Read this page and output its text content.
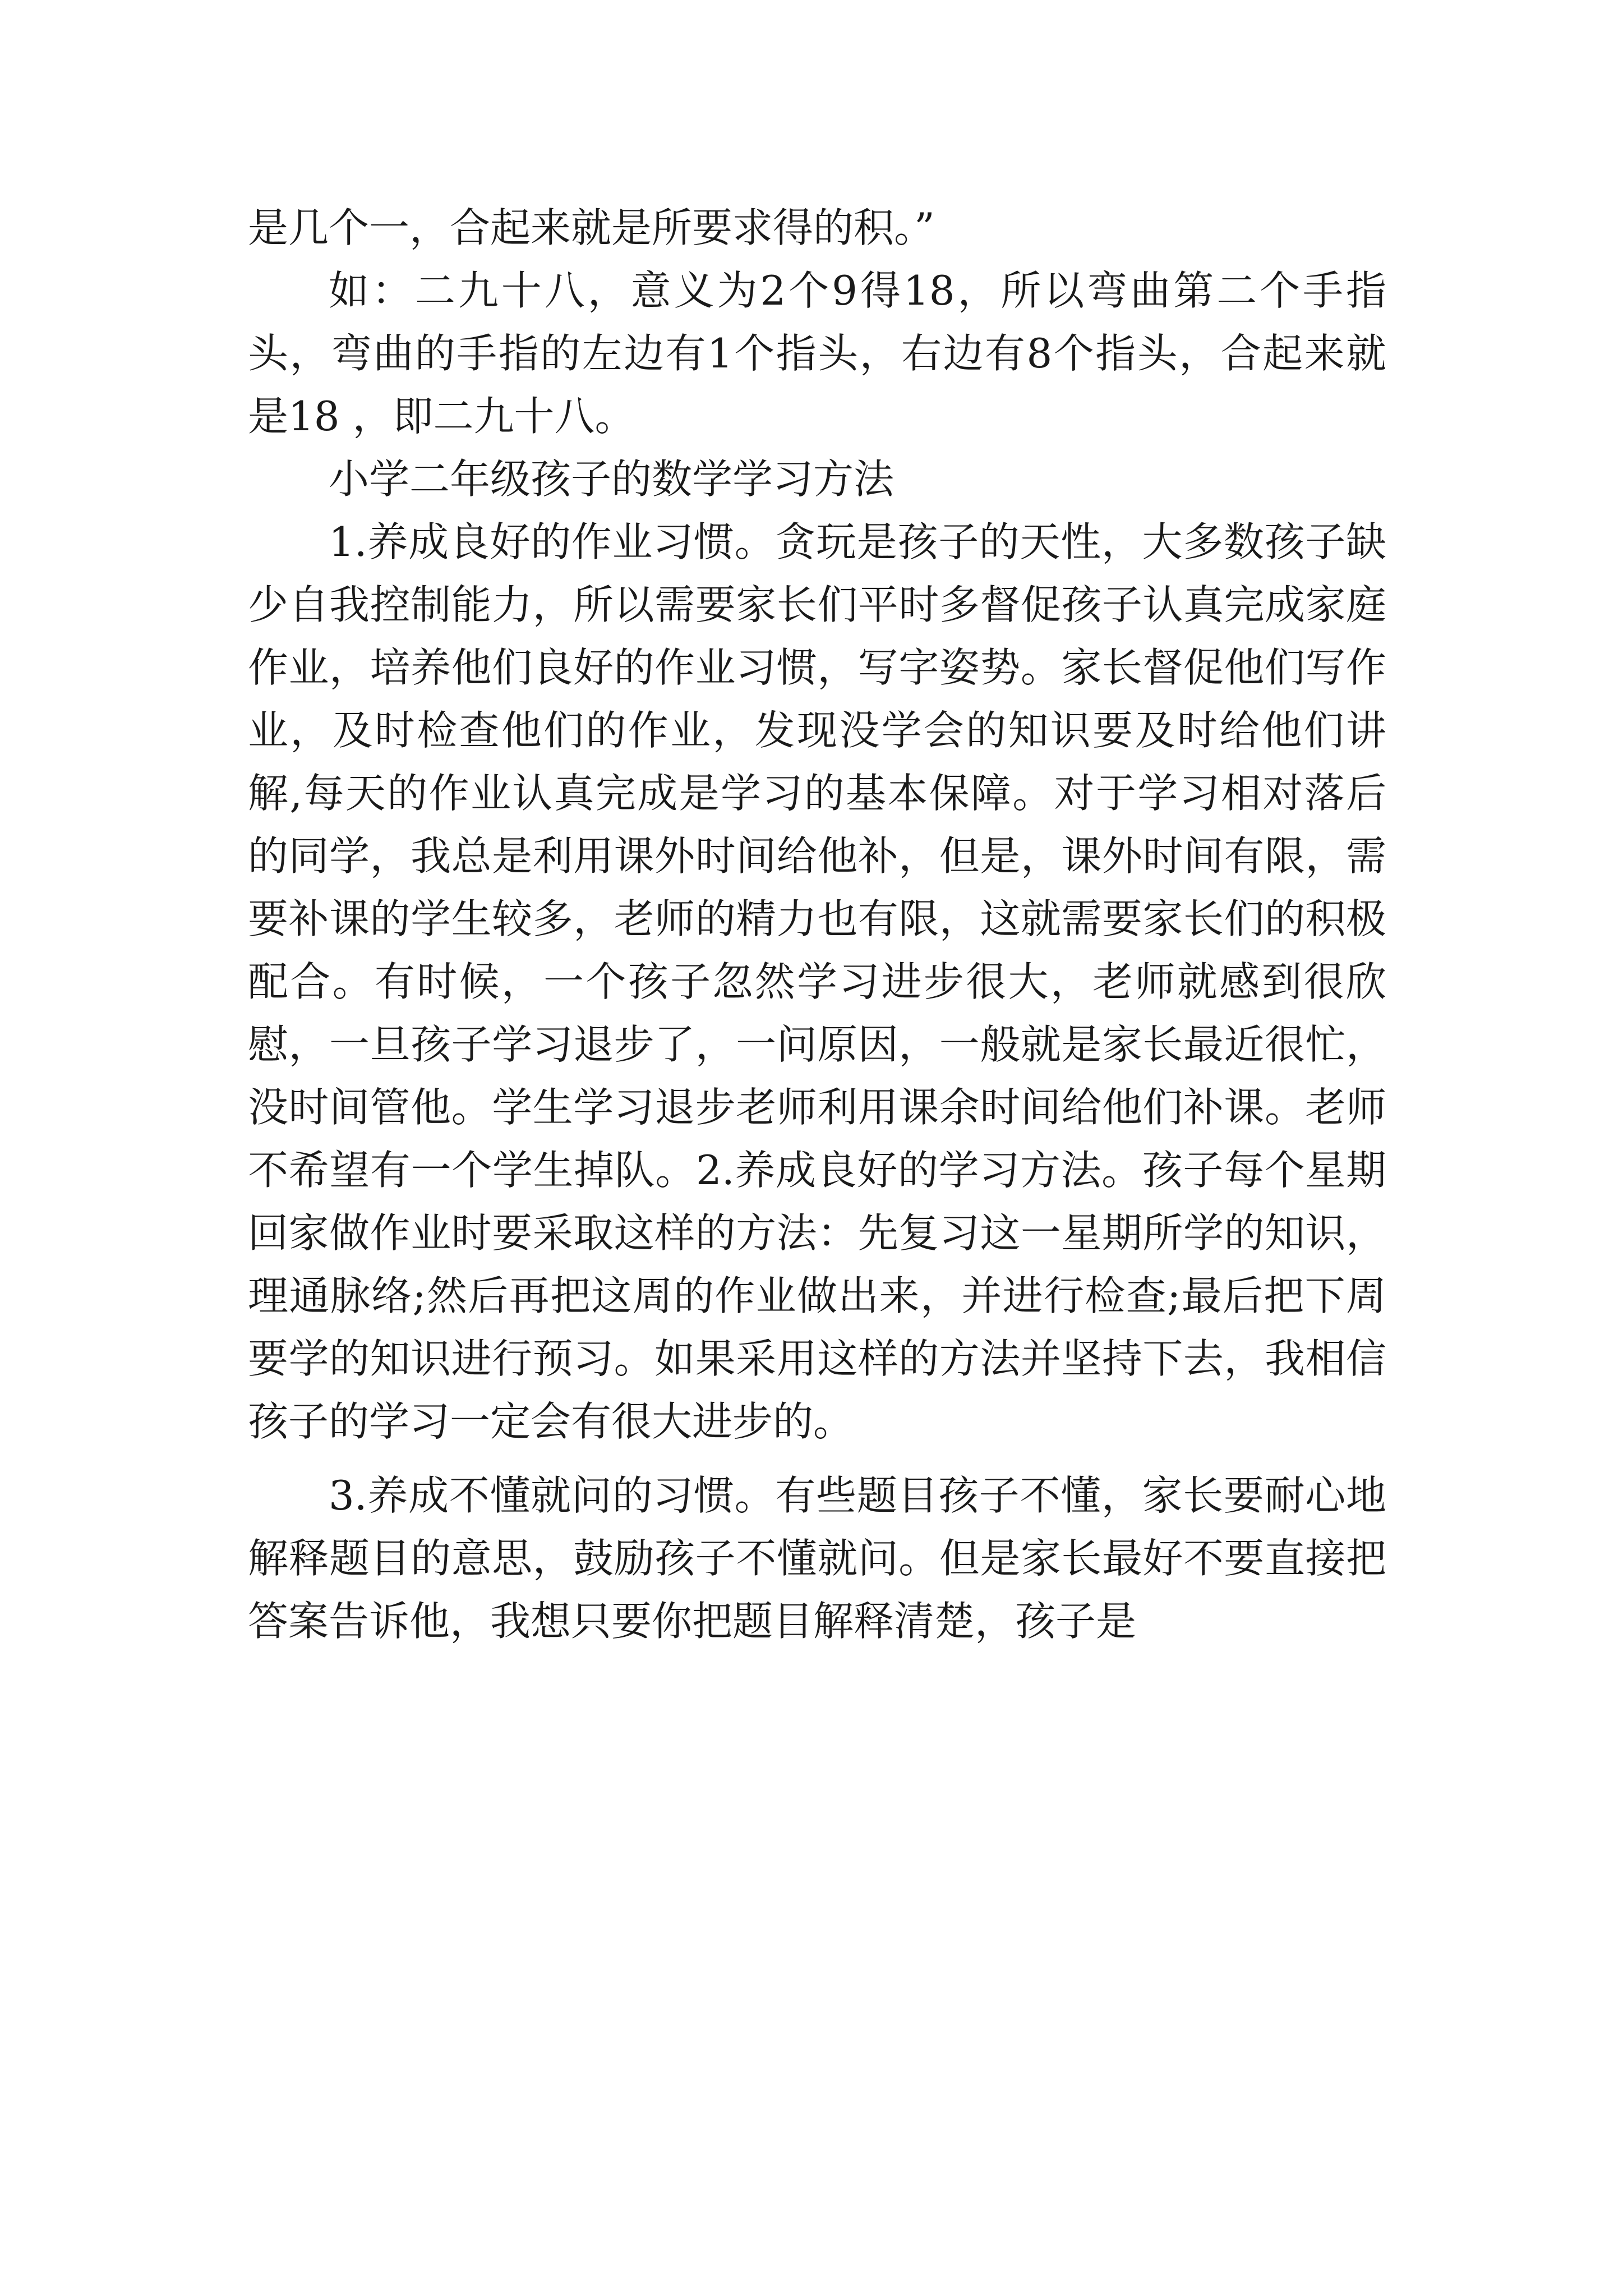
是几个一，合起来就是所要求得的积。”

如：二九十八，意义为2个9得18，所以弯曲第二个手指头，弯曲的手指的左边有1个指头，右边有8个指头，合起来就是18 ，即二九十八。

小学二年级孩子的数学学习方法

1.养成良好的作业习惯。贪玩是孩子的天性，大多数孩子缺少自我控制能力，所以需要家长们平时多督促孩子认真完成家庭作业，培养他们良好的作业习惯，写字姿势。家长督促他们写作业，及时检查他们的作业，发现没学会的知识要及时给他们讲解,每天的作业认真完成是学习的基本保障。对于学习相对落后的同学，我总是利用课外时间给他补，但是，课外时间有限，需要补课的学生较多，老师的精力也有限，这就需要家长们的积极配合。有时候，一个孩子忽然学习进步很大，老师就感到很欣慰，一旦孩子学习退步了，一问原因，一般就是家长最近很忙，没时间管他。学生学习退步老师利用课余时间给他们补课。老师不希望有一个学生掉队。2.养成良好的学习方法。孩子每个星期回家做作业时要采取这样的方法：先复习这一星期所学的知识，理通脉络;然后再把这周的作业做出来，并进行检查;最后把下周要学的知识进行预习。如果采用这样的方法并坚持下去，我相信孩子的学习一定会有很大进步的。

3.养成不懂就问的习惯。有些题目孩子不懂，家长要耐心地解释题目的意思，鼓励孩子不懂就问。但是家长最好不要直接把答案告诉他，我想只要你把题目解释清楚，孩子是
